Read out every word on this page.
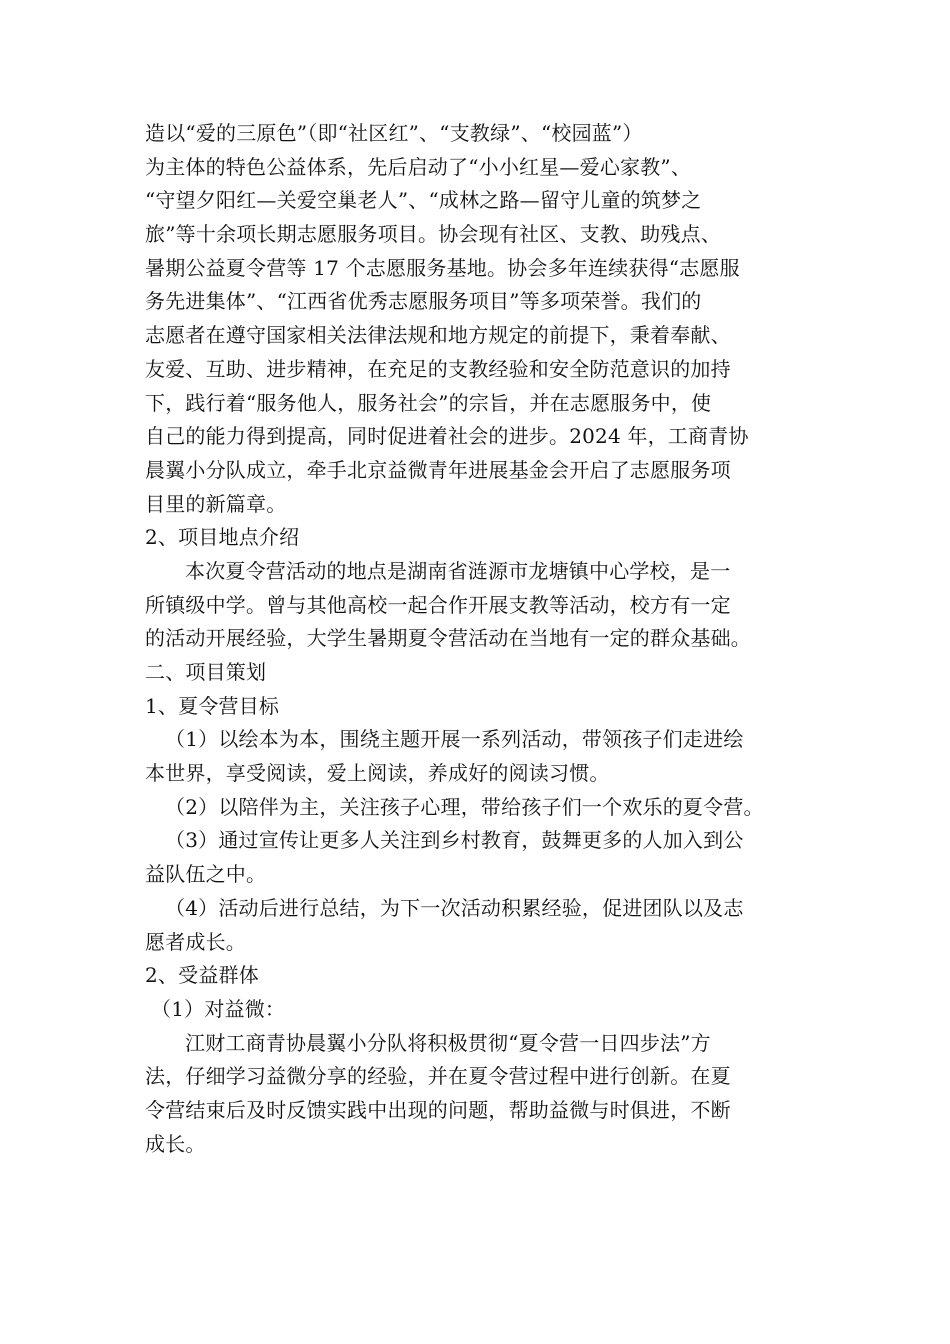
造以“爱的三原色”（即“社区红”、“支教绿”、“校园蓝”）
为主体的特色公益体系，先后启动了“小小红星—爱心家教”、
“守望夕阳红—关爱空巢老人”、“成林之路—留守儿童的筑梦之
旅”等十余项长期志愿服务项目。协会现有社区、支教、助残点、
暑期公益夏令营等 17 个志愿服务基地。协会多年连续获得“志愿服
务先进集体”、“江西省优秀志愿服务项目”等多项荣誉。我们的
志愿者在遵守国家相关法律法规和地方规定的前提下，秉着奉献、
友爱、互助、进步精神，在充足的支教经验和安全防范意识的加持
下，践行着“服务他人，服务社会”的宗旨，并在志愿服务中，使
自己的能力得到提高，同时促进着社会的进步。2024 年，工商青协
晨翼小分队成立，牵手北京益微青年进展基金会开启了志愿服务项
目里的新篇章。
2、项目地点介绍
本次夏令营活动的地点是湖南省涟源市龙塘镇中心学校，是一
所镇级中学。曾与其他高校一起合作开展支教等活动，校方有一定
的活动开展经验，大学生暑期夏令营活动在当地有一定的群众基础。
二、项目策划
1、夏令营目标
（1）以绘本为本，围绕主题开展一系列活动，带领孩子们走进绘
本世界，享受阅读，爱上阅读，养成好的阅读习惯。
（2）以陪伴为主，关注孩子心理，带给孩子们一个欢乐的夏令营。
（3）通过宣传让更多人关注到乡村教育，鼓舞更多的人加入到公
益队伍之中。
（4）活动后进行总结，为下一次活动积累经验，促进团队以及志
愿者成长。
2、受益群体
（1）对益微：
江财工商青协晨翼小分队将积极贯彻“夏令营一日四步法”方
法，仔细学习益微分享的经验，并在夏令营过程中进行创新。在夏
令营结束后及时反馈实践中出现的问题，帮助益微与时俱进，不断
成长。
